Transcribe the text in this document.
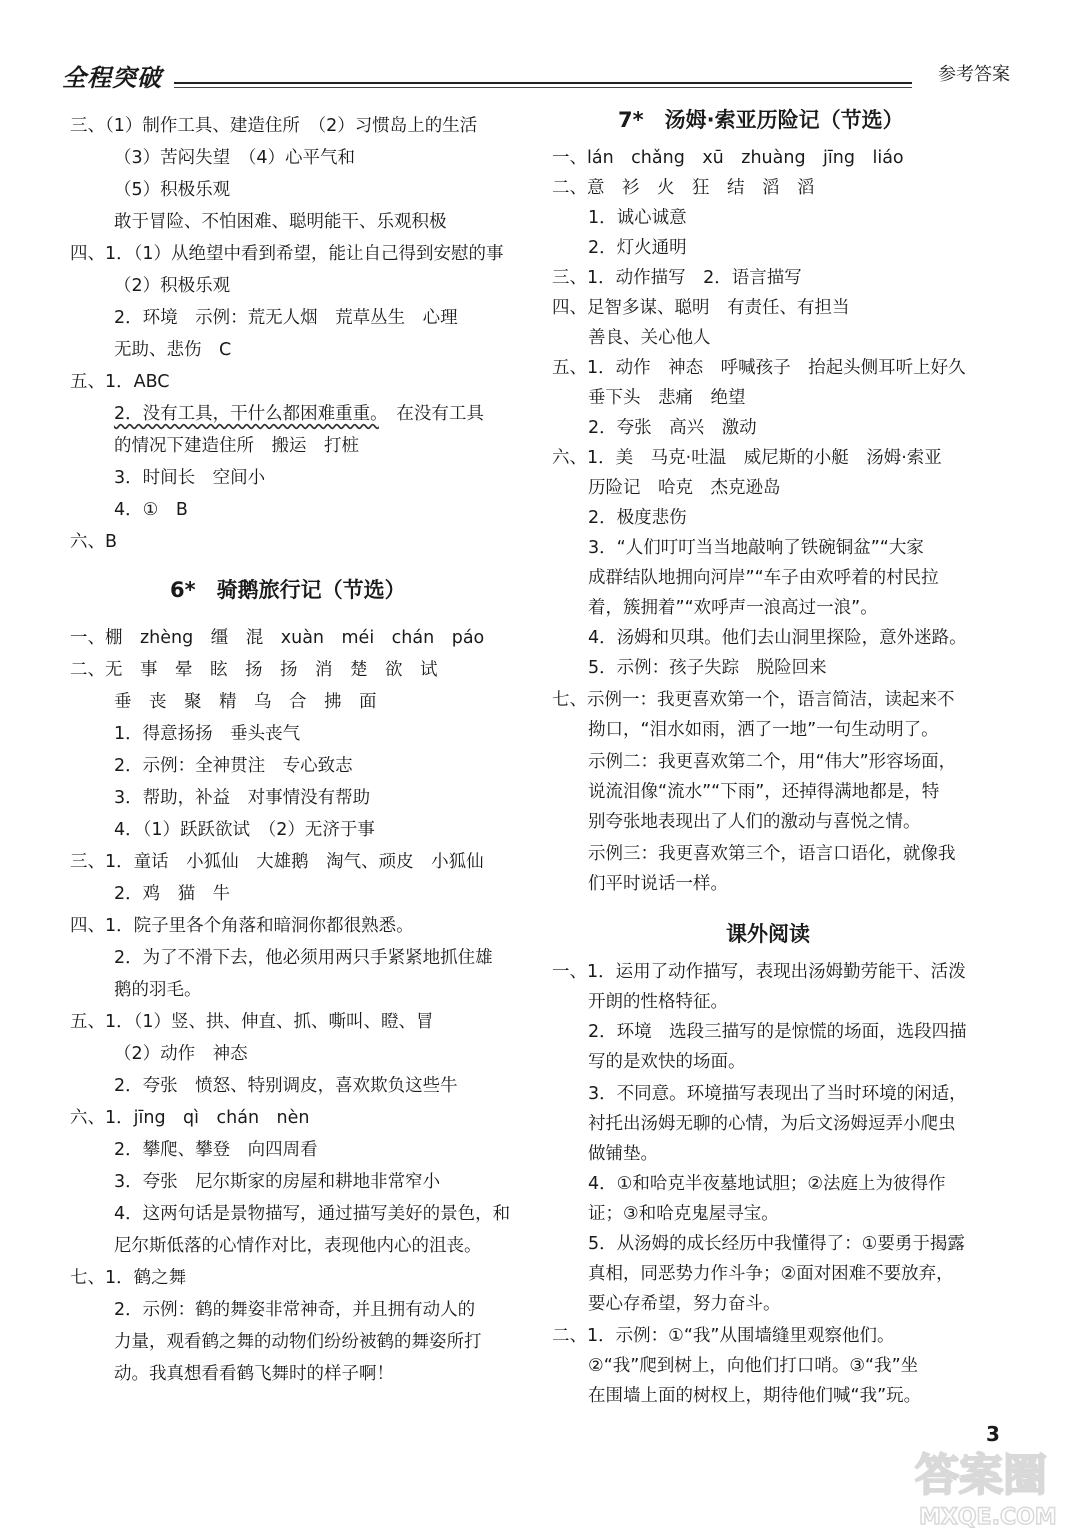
全程突破	参考答案
三、（1）制作工具、建造住所　（2）习惯岛上的生活
（3）苦闷失望　（4）心平气和
（5）积极乐观
敢于冒险、不怕困难、聪明能干、乐观积极
四、1．（1）从绝望中看到希望，能让自己得到安慰的事
（2）积极乐观
2．环境　示例：荒无人烟　荒草丛生　心理
无助、悲伤　C
五、1．ABC
2．没有工具，干什么都困难重重。　在没有工具
的情况下建造住所　搬运　打桩
3．时间长　空间小
4．①　B
六、B
一、棚　zhèng　缰　混　xuàn　méi　chán　páo
二、无　事　晕　眩　扬　扬　消　楚　欲　试
垂　丧　聚　精　乌　合　拂　面
1．得意扬扬　垂头丧气
2．示例：全神贯注　专心致志
3．帮助，补益　对事情没有帮助
4．（1）跃跃欲试　（2）无济于事
三、1．童话　小狐仙　大雄鹅　淘气、顽皮　小狐仙
2．鸡　猫　牛
四、1．院子里各个角落和暗洞你都很熟悉。
2．为了不滑下去，他必须用两只手紧紧地抓住雄
鹅的羽毛。
五、1．（1）竖、拱、伸直、抓、嘶叫、瞪、冒
（2）动作　神态
2．夸张　愤怒、特别调皮，喜欢欺负这些牛
六、1．jīng　qì　chán　nèn
2．攀爬、攀登　向四周看
3．夸张　尼尔斯家的房屋和耕地非常窄小
4．这两句话是景物描写，通过描写美好的景色，和
尼尔斯低落的心情作对比，表现他内心的沮丧。
七、1．鹤之舞
2．示例：鹤的舞姿非常神奇，并且拥有动人的
力量，观看鹤之舞的动物们纷纷被鹤的舞姿所打
动。我真想看看鹤飞舞时的样子啊！
6*　骑鹅旅行记（节选）
一、lán　chǎng　xū　zhuàng　jīng　liáo
二、意　衫　火　狂　结　滔　滔
1．诚心诚意
2．灯火通明
三、1．动作描写　2．语言描写
四、足智多谋、聪明　有责任、有担当
善良、关心他人
五、1．动作　神态　呼喊孩子　抬起头侧耳听上好久
垂下头　悲痛　绝望
2．夸张　高兴　激动
六、1．美　马克·吐温　威尼斯的小艇　汤姆·索亚
历险记　哈克　杰克逊岛
2．极度悲伤
3．“人们叮叮当当地敲响了铁碗铜盆”“大家
成群结队地拥向河岸”“车子由欢呼着的村民拉
着，簇拥着”“欢呼声一浪高过一浪”。
4．汤姆和贝琪。他们去山洞里探险，意外迷路。
5．示例：孩子失踪　脱险回来
七、示例一：我更喜欢第一个，语言简洁，读起来不
拗口，“泪水如雨，洒了一地”一句生动明了。
示例二：我更喜欢第二个，用“伟大”形容场面，
说流泪像“流水”“下雨”，还掉得满地都是，特
别夸张地表现出了人们的激动与喜悦之情。
示例三：我更喜欢第三个，语言口语化，就像我
们平时说话一样。
一、1．运用了动作描写，表现出汤姆勤劳能干、活泼
开朗的性格特征。
2．环境　选段三描写的是惊慌的场面，选段四描
写的是欢快的场面。
3．不同意。环境描写表现出了当时环境的闲适，
衬托出汤姆无聊的心情，为后文汤姆逗弄小爬虫
做铺垫。
4．①和哈克半夜墓地试胆；②法庭上为彼得作
证；③和哈克鬼屋寻宝。
5．从汤姆的成长经历中我懂得了：①要勇于揭露
真相，同恶势力作斗争；②面对困难不要放弃，
要心存希望，努力奋斗。
二、1．示例：①“我”从围墙缝里观察他们。
②“我”爬到树上，向他们打口哨。③“我”坐
在围墙上面的树杈上，期待他们喊“我”玩。
7*　汤姆·索亚历险记（节选）
课外阅读
3
答案圈
MXQE.COM
